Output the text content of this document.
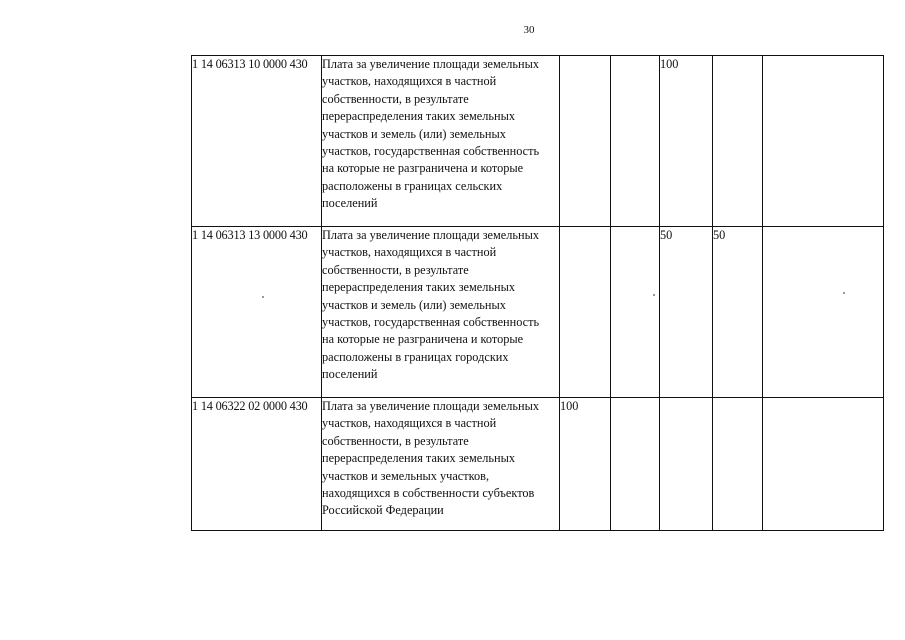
30
1 14 06313 10 0000 430	Плата за увеличение площади земельных участков, находящихся в частной собственности, в результате перераспределения таких земельных участков и земель (или) земельных участков, государственная собственность на которые не разграничена и которые расположены в границах сельских поселений			100		
1 14 06313 13 0000 430	Плата за увеличение площади земельных участков, находящихся в частной собственности, в результате перераспределения таких земельных участков и земель (или) земельных участков, государственная собственность на которые не разграничена и которые расположены в границах городских поселений			50	50	
1 14 06322 02 0000 430	Плата за увеличение площади земельных участков, находящихся в частной собственности, в результате перераспределения таких земельных участков и земельных участков, находящихся в собственности субъектов Российской Федерации	100				
